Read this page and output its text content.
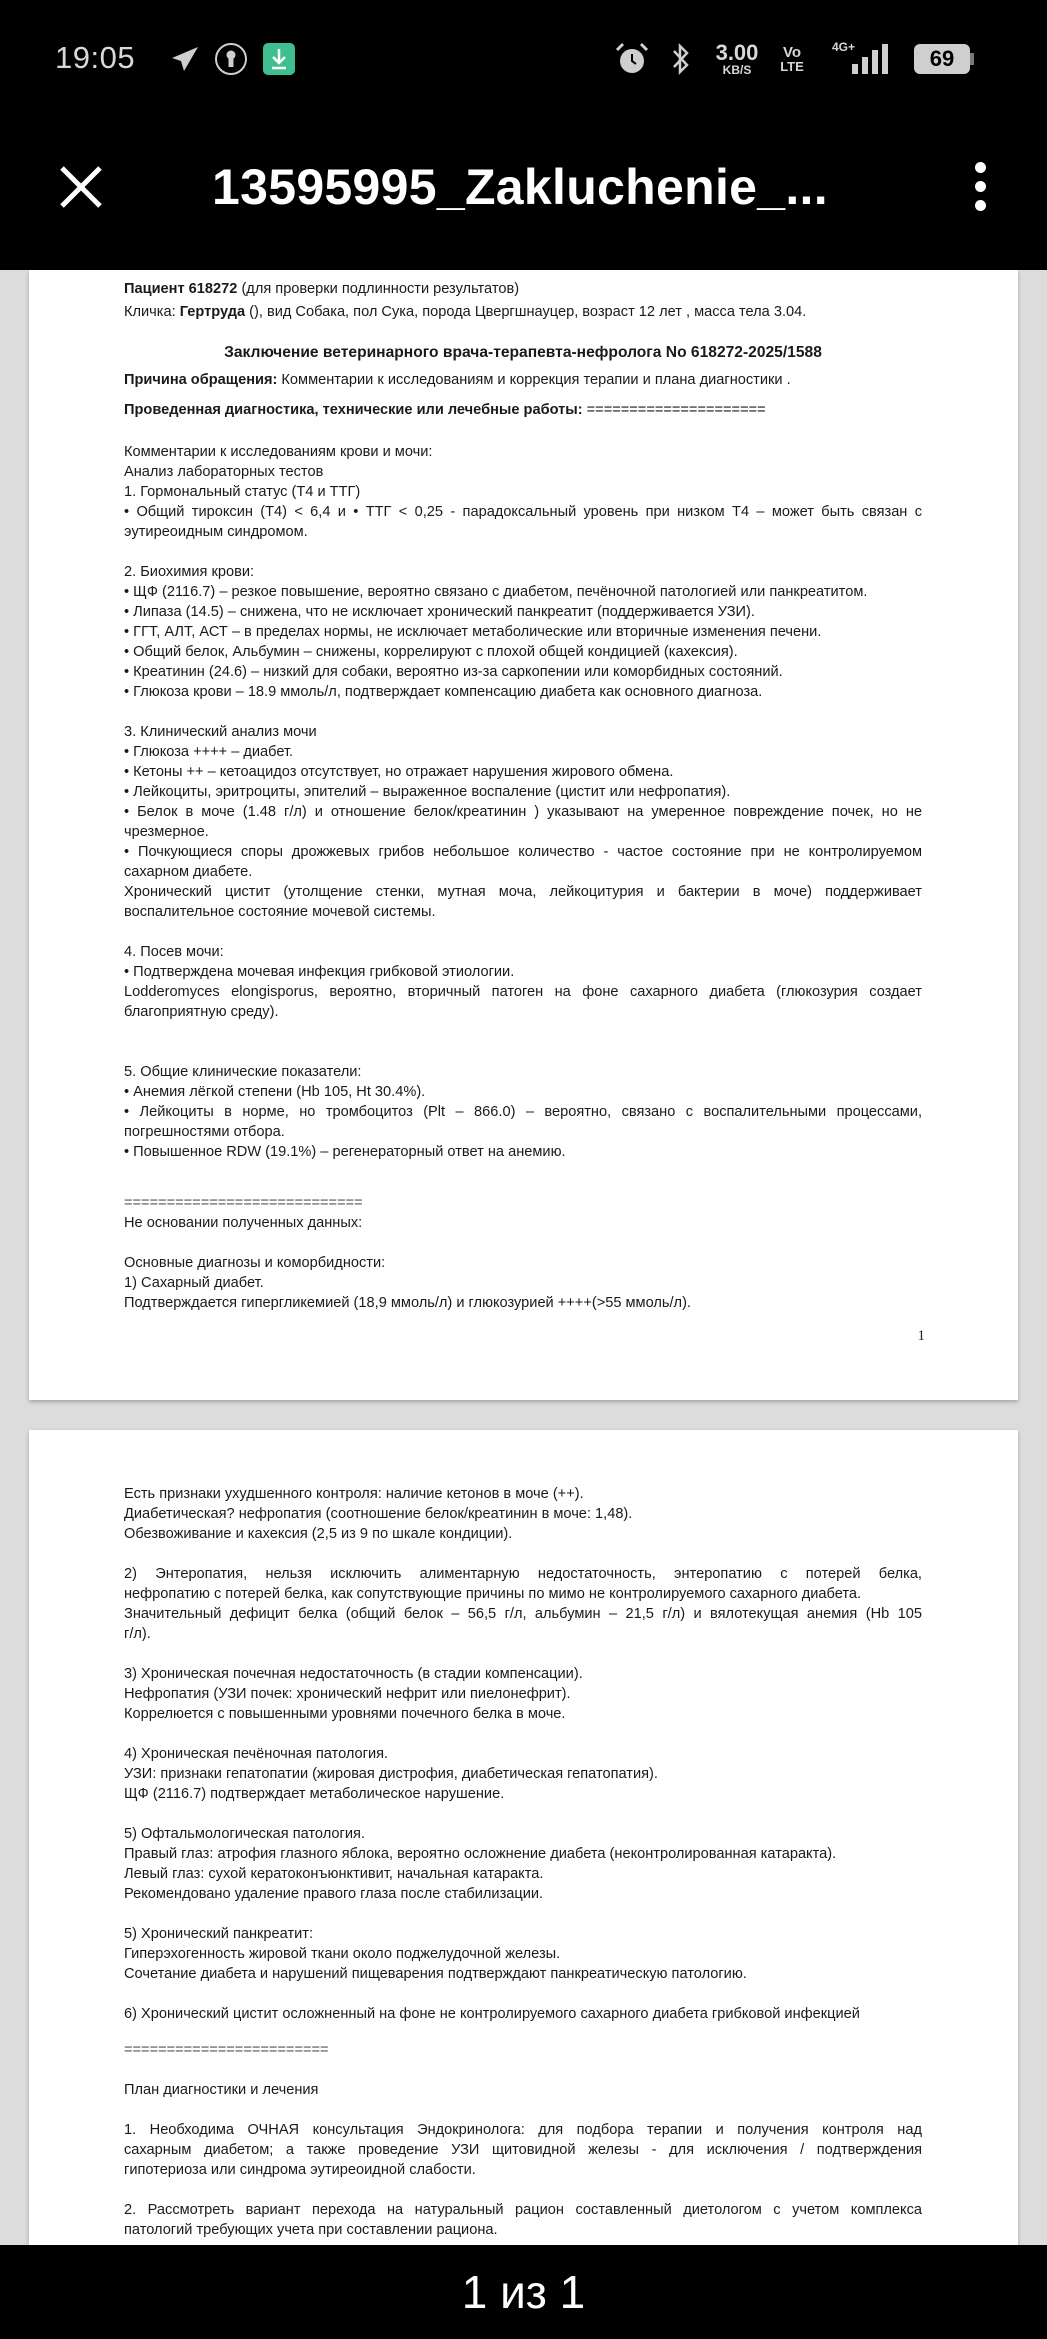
19:05	3.00
KB/S
Vo
LTE
4G+	69
13595995_Zakluchenie_...
Пациент 618272 (для проверки подлинности результатов)
Кличка: Гертруда (), вид Собака, пол Сука, порода Цвергшнауцер, возраст 12 лет , масса тела 3.04.
Заключение ветеринарного врача-терапевта-нефролога No 618272-2025/1588
Причина обращения: Комментарии к исследованиям и коррекция терапии и плана диагностики .
Проведенная диагностика, технические или лечебные работы: =====================
Комментарии к исследованиям крови и мочи:
Анализ лабораторных тестов
1. Гормональный статус (Т4 и ТТГ)
• Общий тироксин (Т4) < 6,4 и • ТТГ < 0,25 - парадоксальный уровень при низком Т4 – может быть связан с
эутиреоидным синдромом.
2. Биохимия крови:
• ЩФ (2116.7) – резкое повышение, вероятно связано с диабетом, печёночной патологией или панкреатитом.
• Липаза (14.5) – снижена, что не исключает хронический панкреатит (поддерживается УЗИ).
• ГГТ, АЛТ, АСТ – в пределах нормы, не исключает метаболические или вторичные изменения печени.
• Общий белок, Альбумин – снижены, коррелируют с плохой общей кондицией (кахексия).
• Креатинин (24.6) – низкий для собаки, вероятно из-за саркопении или коморбидных состояний.
• Глюкоза крови – 18.9 ммоль/л, подтверждает компенсацию диабета как основного диагноза.
3. Клинический анализ мочи
• Глюкоза ++++ – диабет.
• Кетоны ++ – кетоацидоз отсутствует, но отражает нарушения жирового обмена.
• Лейкоциты, эритроциты, эпителий – выраженное воспаление (цистит или нефропатия).
• Белок в моче (1.48 г/л) и отношение белок/креатинин ) указывают на умеренное повреждение почек, но не
чрезмерное.
• Почкующиеся споры дрожжевых грибов небольшое количество - частое состояние при не контролируемом
сахарном диабете.
Хронический цистит (утолщение стенки, мутная моча, лейкоцитурия и бактерии в моче) поддерживает
воспалительное состояние мочевой системы.
4. Посев мочи:
• Подтверждена мочевая инфекция грибковой этиологии.
Lodderomyces elongisporus, вероятно, вторичный патоген на фоне сахарного диабета (глюкозурия создает
благоприятную среду).
5. Общие клинические показатели:
• Анемия лёгкой степени (Hb 105, Ht 30.4%).
• Лейкоциты в норме, но тромбоцитоз (Plt – 866.0) – вероятно, связано с воспалительными процессами,
погрешностями отбора.
• Повышенное RDW (19.1%) – регенераторный ответ на анемию.
============================
Не основании полученных данных:
Основные диагнозы и коморбидности:
1) Сахарный диабет.
Подтверждается гипергликемией (18,9 ммоль/л) и глюкозурией ++++(>55 ммоль/л).
1
Есть признаки ухудшенного контроля: наличие кетонов в моче (++).
Диабетическая? нефропатия (соотношение белок/креатинин в моче: 1,48).
Обезвоживание и кахексия (2,5 из 9 по шкале кондиции).
2) Энтеропатия, нельзя исключить алиментарную недостаточность, энтеропатию с потерей белка,
нефропатию с потерей белка, как сопутствующие причины по мимо не контролируемого сахарного диабета.
Значительный дефицит белка (общий белок – 56,5 г/л, альбумин – 21,5 г/л) и вялотекущая анемия (Hb 105
г/л).
3) Хроническая почечная недостаточность (в стадии компенсации).
Нефропатия (УЗИ почек: хронический нефрит или пиелонефрит).
Коррелюется с повышенными уровнями почечного белка в моче.
4) Хроническая печёночная патология.
УЗИ: признаки гепатопатии (жировая дистрофия, диабетическая гепатопатия).
ЩФ (2116.7) подтверждает метаболическое нарушение.
5) Офтальмологическая патология.
Правый глаз: атрофия глазного яблока, вероятно осложнение диабета (неконтролированная катаракта).
Левый глаз: сухой кератоконъюнктивит, начальная катаракта.
Рекомендовано удаление правого глаза после стабилизации.
5) Хронический панкреатит:
Гиперэхогенность жировой ткани около поджелудочной железы.
Сочетание диабета и нарушений пищеварения подтверждают панкреатическую патологию.
6) Хронический цистит осложненный на фоне не контролируемого сахарного диабета грибковой инфекцией
========================
План диагностики и лечения
1. Необходима ОЧНАЯ консультация Эндокринолога: для подбора терапии и получения контроля над
сахарным диабетом; а также проведение УЗИ щитовидной железы - для исключения / подтверждения
гипотериоза или синдрома эутиреоидной слабости.
2. Рассмотреть вариант перехода на натуральный рацион составленный диетологом с учетом комплекса
патологий требующих учета при составлении рациона.
1 из 1
